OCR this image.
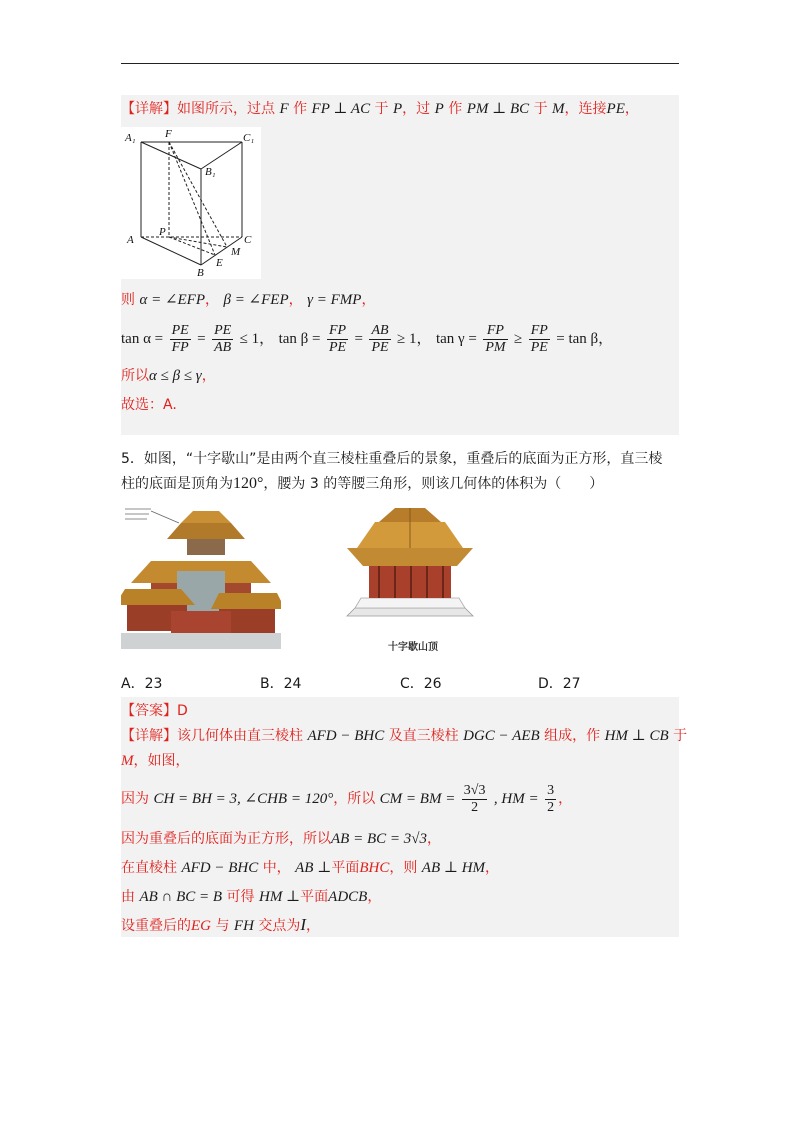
【详解】如图所示，过点 F 作 FP ⊥ AC 于 P，过 P 作 PM ⊥ BC 于 M，连接PE，
A₁	F	C₁
B₁
A
P
C
M
E
B
则 α = ∠EFP， β = ∠FEP， γ = FMP，
$\tan \alpha = \frac{PE}{FP} = \frac{PE}{AB} \le 1$， $\tan \beta = \frac{FP}{PE} = \frac{AB}{PE} \ge 1$， $\tan \gamma = \frac{FP}{PM} \ge \frac{FP}{PE} = \tan \beta$，
所以α ≤ β ≤ γ，
故选：A.
5．如图，“十字歇山”是由两个直三棱柱重叠后的景象，重叠后的底面为正方形，直三棱
柱的底面是顶角为120°，腰为 3 的等腰三角形，则该几何体的体积为（　　）
十字歇山顶
A．23	B．24	C．26	D．27
【答案】D
【详解】该几何体由直三棱柱 AFD − BHC 及直三棱柱 DGC − AEB 组成，作 HM ⊥ CB 于
M，如图，
因为 CH = BH = 3, ∠CHB = 120°，所以 CM = BM = $\frac{3√3}{2}$ , HM = $\frac{3}{2}$ ，
因为重叠后的底面为正方形，所以AB = BC = 3√3，
在直棱柱 AFD − BHC 中， AB ⊥平面BHC，则 AB ⊥ HM，
由 AB ∩ BC = B 可得 HM ⊥平面ADCB，
设重叠后的EG 与 FH 交点为I，
